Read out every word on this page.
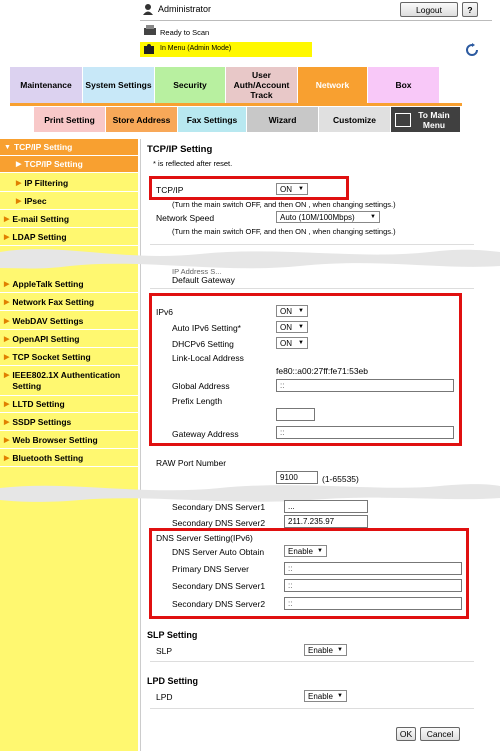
Administrator	Logout	?
Ready to Scan
In Menu (Admin Mode)
Maintenance	System Settings	Security
User Auth/Account Track
Network	Box
Print Setting	Store Address	Fax Settings	Wizard	Customize	To Main Menu
▼ TCP/IP Setting
▶ TCP/IP Setting
▶ IP Filtering
▶ IPsec
▶ E-mail Setting
▶ LDAP Setting
▶ AppleTalk Setting
▶ Network Fax Setting
▶ WebDAV Settings
▶ OpenAPI Setting
▶ TCP Socket Setting
▶ IEEE802.1X Authentication Setting
▶ LLTD Setting
▶ SSDP Settings
▶ Web Browser Setting
▶ Bluetooth Setting
TCP/IP Setting
* is reflected after reset.
TCP/IP	ON ▼
(Turn the main switch OFF, and then ON , when changing settings.)
Network Speed	Auto (10M/100Mbps)	▼
(Turn the main switch OFF, and then ON , when changing settings.)
IP Address S...
Default Gateway
IPv6	ON ▼
Auto IPv6 Setting*	ON ▼
DHCPv6 Setting	ON ▼
Link-Local Address
fe80::a00:27ff:fe71:53eb
Global Address	::
Prefix Length
Gateway Address	::
RAW Port Number
9100	(1-65535)
Secondary DNS Server1	...
Secondary DNS Server2	211.7.235.97
DNS Server Setting(IPv6)
DNS Server Auto Obtain	Enable ▼
Primary DNS Server	::
Secondary DNS Server1	::
Secondary DNS Server2	::
SLP Setting
SLP	Enable ▼
LPD Setting
LPD	Enable ▼
OK	Cancel
